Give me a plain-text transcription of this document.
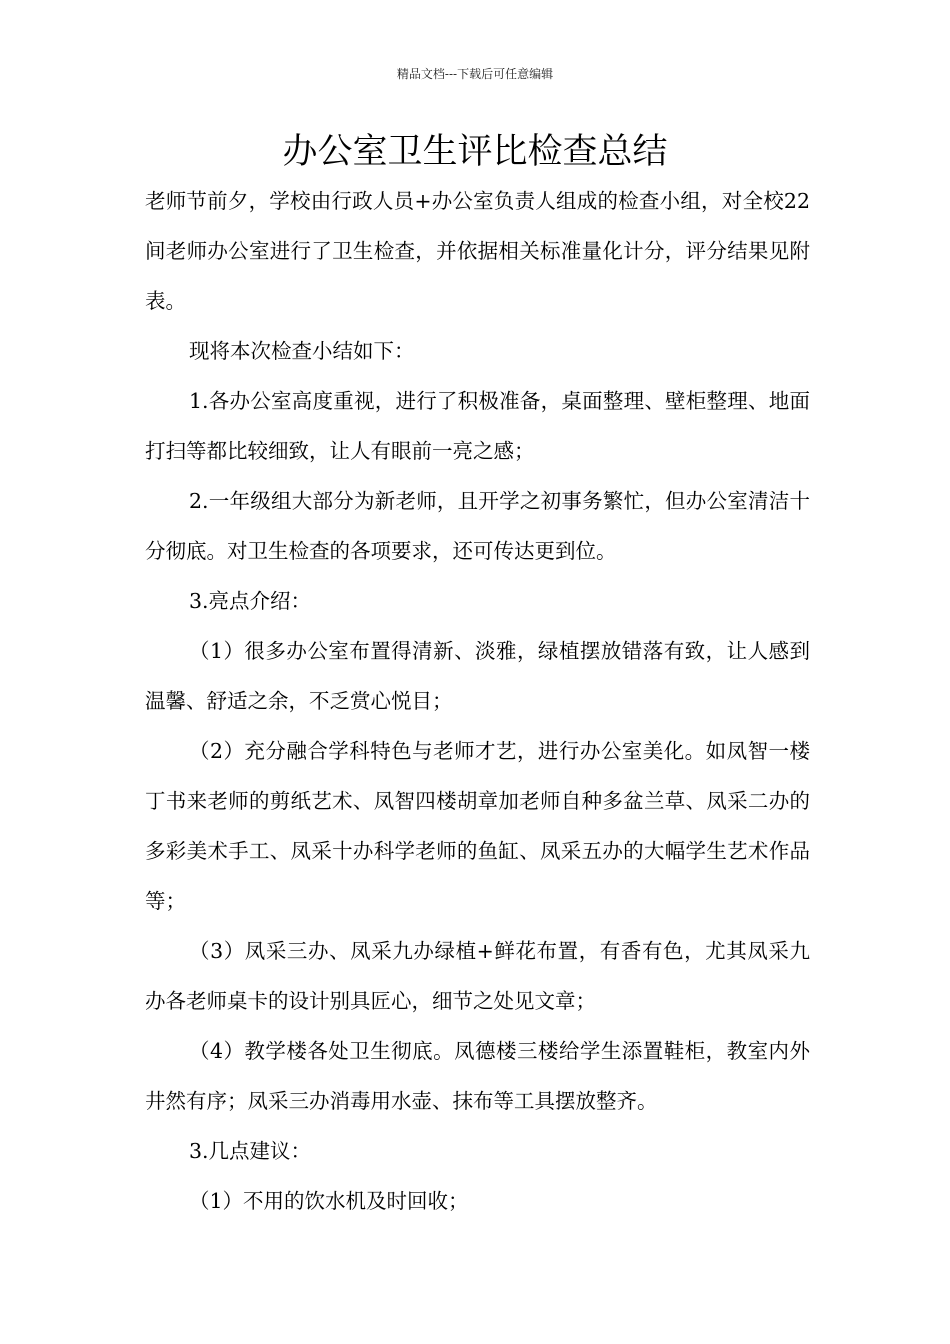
精品文档---下载后可任意编辑
办公室卫生评比检查总结

老师节前夕，学校由行政人员+办公室负责人组成的检查小组，对全校22间老师办公室进行了卫生检查，并依据相关标准量化计分，评分结果见附表。

现将本次检查小结如下：

1.各办公室高度重视，进行了积极准备，桌面整理、壁柜整理、地面打扫等都比较细致，让人有眼前一亮之感；

2.一年级组大部分为新老师，且开学之初事务繁忙，但办公室清洁十分彻底。对卫生检查的各项要求，还可传达更到位。

3.亮点介绍：

（1）很多办公室布置得清新、淡雅，绿植摆放错落有致，让人感到温馨、舒适之余，不乏赏心悦目；

（2）充分融合学科特色与老师才艺，进行办公室美化。如凤智一楼丁书来老师的剪纸艺术、凤智四楼胡章加老师自种多盆兰草、凤采二办的多彩美术手工、凤采十办科学老师的鱼缸、凤采五办的大幅学生艺术作品等；

（3）凤采三办、凤采九办绿植+鲜花布置，有香有色，尤其凤采九办各老师桌卡的设计别具匠心，细节之处见文章；

（4）教学楼各处卫生彻底。凤德楼三楼给学生添置鞋柜，教室内外井然有序；凤采三办消毒用水壶、抹布等工具摆放整齐。

3.几点建议：

（1）不用的饮水机及时回收；
